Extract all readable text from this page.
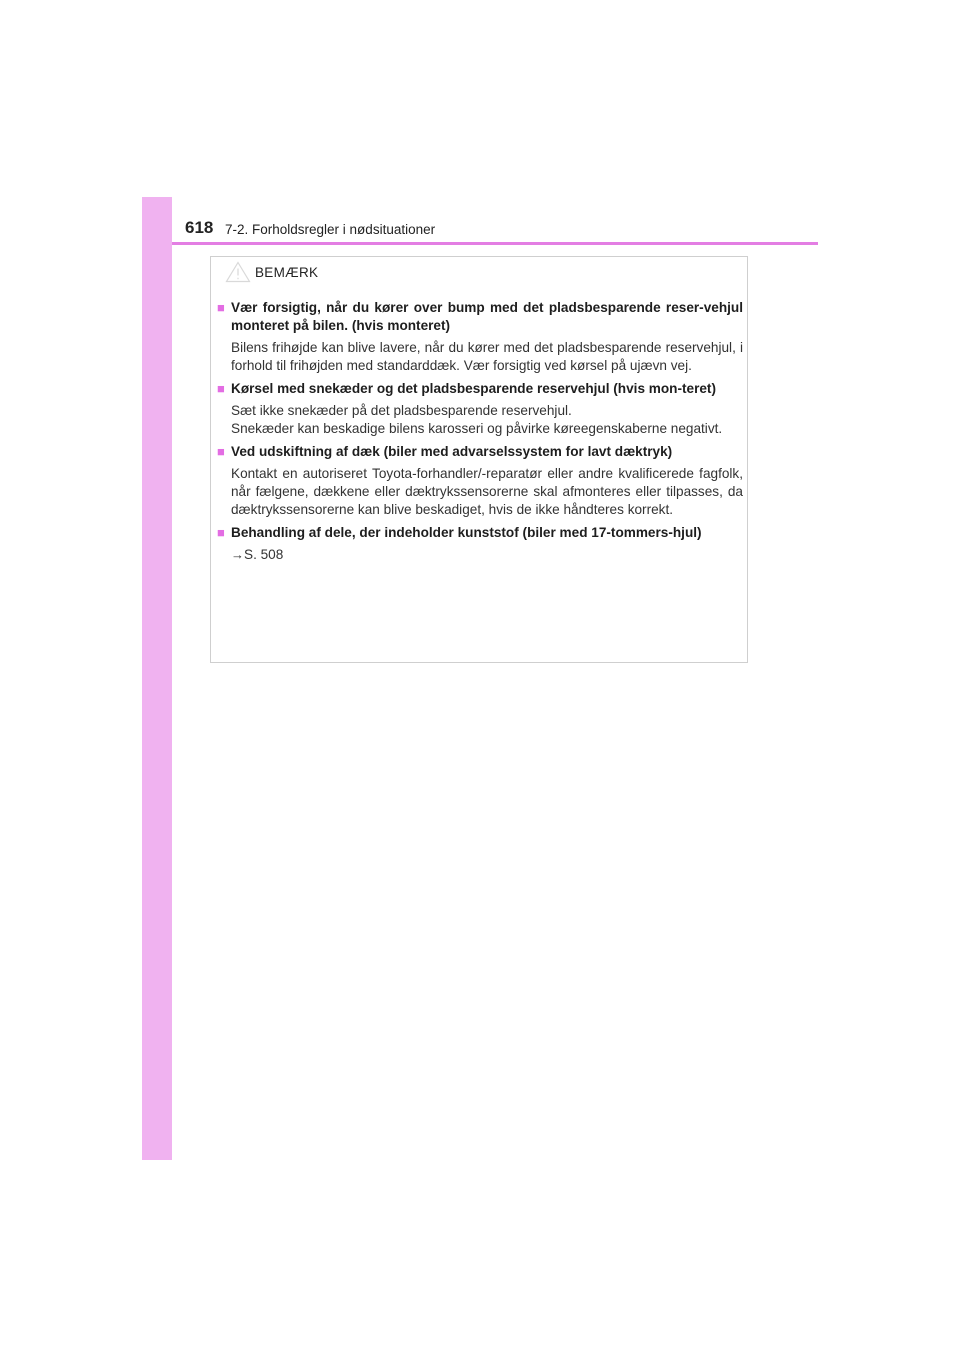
618 7-2. Forholdsregler i nødsituationer
BEMÆRK
■ Vær forsigtig, når du kører over bump med det pladsbesparende reser-vehjul monteret på bilen. (hvis monteret)

Bilens frihøjde kan blive lavere, når du kører med det pladsbesparende reservehjul, i forhold til frihøjden med standarddæk. Vær forsigtig ved kørsel på ujævn vej.

■ Kørsel med snekæder og det pladsbesparende reservehjul (hvis mon-teret)

Sæt ikke snekæder på det pladsbesparende reservehjul.

Snekæder kan beskadige bilens karosseri og påvirke køreegenskaberne negativt.

■ Ved udskiftning af dæk (biler med advarselssystem for lavt dæktryk)

Kontakt en autoriseret Toyota-forhandler/-reparatør eller andre kvalificerede fagfolk, når fælgene, dækkene eller dæktrykssensorerne skal afmonteres eller tilpasses, da dæktrykssensorerne kan blive beskadiget, hvis de ikke håndteres korrekt.

■ Behandling af dele, der indeholder kunststof (biler med 17-tommers-hjul)

→S. 508
